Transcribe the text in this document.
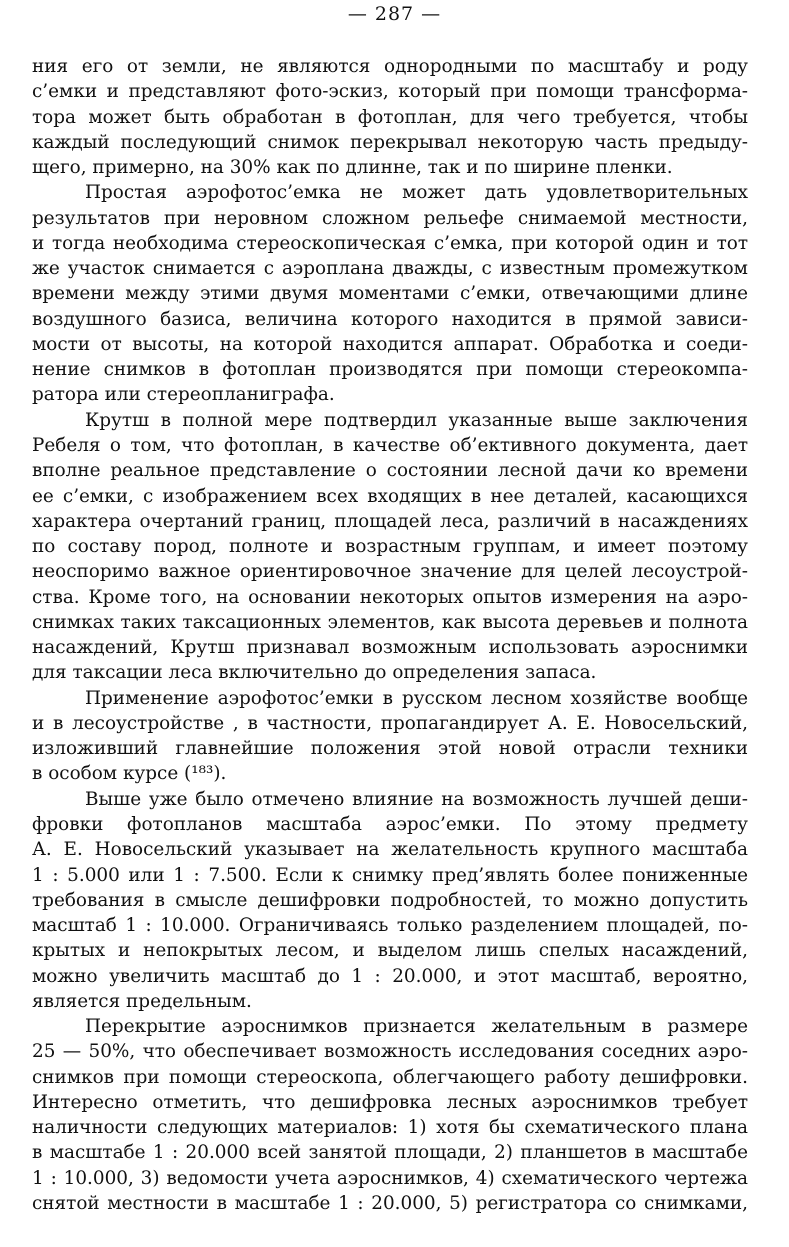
— 287 —
ния его от земли, не являются однородными по масштабу и роду
с’емки и представляют фото-эскиз, который при помощи трансформа-
тора может быть обработан в фотоплан, для чего требуется, чтобы
каждый последующий снимок перекрывал некоторую часть предыду-
щего, примерно, на 30% как по длинне, так и по ширине пленки.
Простая аэрофотос’емка не может дать удовлетворительных
результатов при неровном сложном рельефе снимаемой местности,
и тогда необходима стереоскопическая с’емка, при которой один и тот
же участок снимается с аэроплана дважды, с известным промежутком
времени между этими двумя моментами с’емки, отвечающими длине
воздушного базиса, величина которого находится в прямой зависи-
мости от высоты, на которой находится аппарат. Обработка и соеди-
нение снимков в фотоплан производятся при помощи стереокомпа-
ратора или стереопланиграфа.
Крутш в полной мере подтвердил указанные выше заключения
Ребеля о том, что фотоплан, в качестве об’ективного документа, дает
вполне реальное представление о состоянии лесной дачи ко времени
ее с’емки, с изображением всех входящих в нее деталей, касающихся
характера очертаний границ, площадей леса, различий в насаждениях
по составу пород, полноте и возрастным группам, и имеет поэтому
неоспоримо важное ориентировочное значение для целей лесоустрой-
ства. Кроме того, на основании некоторых опытов измерения на аэро-
снимках таких таксационных элементов, как высота деревьев и полнота
насаждений, Крутш признавал возможным использовать аэроснимки
для таксации леса включительно до определения запаса.
Применение аэрофотос’емки в русском лесном хозяйстве вообще
и в лесоустройстве , в частности, пропагандирует А. Е. Новосельский,
изложивший главнейшие положения этой новой отрасли техники
в особом курсе (¹⁸³).
Выше уже было отмечено влияние на возможность лучшей деши-
фровки фотопланов масштаба аэрос’емки. По этому предмету
А. Е. Новосельский указывает на желательность крупного масштаба
1 : 5.000 или 1 : 7.500. Если к снимку пред’являть более пониженные
требования в смысле дешифровки подробностей, то можно допустить
масштаб 1 : 10.000. Ограничиваясь только разделением площадей, по-
крытых и непокрытых лесом, и выделом лишь спелых насаждений,
можно увеличить масштаб до 1 : 20.000, и этот масштаб, вероятно,
является предельным.
Перекрытие аэроснимков признается желательным в размере
25 — 50%, что обеспечивает возможность исследования соседних аэро-
снимков при помощи стереоскопа, облегчающего работу дешифровки.
Интересно отметить, что дешифровка лесных аэроснимков требует
наличности следующих материалов: 1) хотя бы схематического плана
в масштабе 1 : 20.000 всей занятой площади, 2) планшетов в масштабе
1 : 10.000, 3) ведомости учета аэроснимков, 4) схематического чертежа
снятой местности в масштабе 1 : 20.000, 5) регистратора со снимками,
